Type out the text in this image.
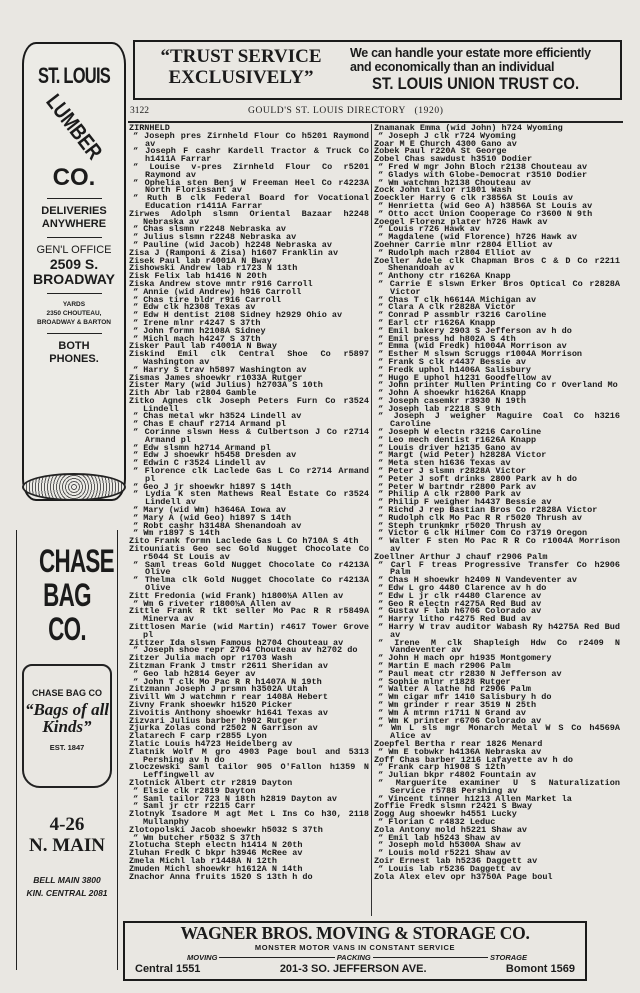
“TRUST SERVICE EXCLUSIVELY”
We can handle your estate more efficiently
and economically than an individual
ST. LOUIS UNION TRUST CO.
3122	GOULD'S ST. LOUIS DIRECTORY   (1920)
ZIRNHELD
“ Joseph pres Zirnheld Flour Co h5201 Raymond av
“ Joseph F cashr Kardell Tractor & Truck Co h1411A Farrar
“ Louise v-pres Zirnheld Flour Co r5201 Raymond av
“ Ophelia sten Benj W Freeman Heel Co r4223A North Florissant av
“ Ruth B clk Federal Board for Vocational Education r1411A Farrar
Zirwes Adolph slsmn Oriental Bazaar h2248 Nebraska av
“ Chas slsmn r2248 Nebraska av
“ Julius slsmn r2248 Nebraska av
“ Pauline (wid Jacob) h2248 Nebraska av
Zisa J (Ramponi & Zisa) h1607 Franklin av
Zisek Paul lab r4001A N Bway
Zishowski Andrew lab r1723 N 13th
Zisk Felix lab h1416 N 20th
Ziska Andrew stove mntr r916 Carroll
“ Annie (wid Andrew) h916 Carroll
“ Chas tire bldr r916 Carroll
“ Edw clk h2308 Texas av
“ Edw H dentist 2108 Sidney h2929 Ohio av
“ Irene mlnr r4247 S 37th
“ John formn h2108A Sidney
“ Michl mach h4247 S 37th
Zisker Paul lab r4001A N Bway
Ziskind Emil clk Central Shoe Co r5897 Washington av
“ Harry S trav h5897 Washington av
Zismas James shoewkr r1033A Rutger
Zister Mary (wid Julius) h2703A S 10th
Zith Abr lab r2804 Gamble
Zitko Agnes clk Joseph Peters Furn Co r3524 Lindell
“ Chas metal wkr h3524 Lindell av
“ Chas E chauf r2714 Armand pl
“ Corinne slswn Hess & Culbertson J Co r2714 Armand pl
“ Edw slsmn h2714 Armand pl
“ Edw J shoewkr h5458 Dresden av
“ Edwin C r3524 Lindell av
“ Florence clk Laclede Gas L Co r2714 Armand pl
“ Geo J jr shoewkr h1897 S 14th
“ Lydia K sten Mathews Real Estate Co r3524 Lindell av
“ Mary (wid Wm) h3646A Iowa av
“ Mary A (wid Geo) h1897 S 14th
“ Robt cashr h3148A Shenandoah av
“ Wm r1897 S 14th
Zito Frank formn Laclede Gas L Co h710A S 4th
Zitouniatis Geo sec Gold Nugget Chocolate Co r5044 St Louis av
“ Saml treas Gold Nugget Chocolate Co r4213A Olive
“ Thelma clk Gold Nugget Chocolate Co r4213A Olive
Zitt Fredonia (wid Frank) h1800½A Allen av
“ Wm G riveter r1800½A Allen av
Zittle Frank R tkt seller Mo Pac R R r5849A Minerva av
Zittlosen Marie (wid Martin) r4617 Tower Grove pl
Zittzer Ida slswn Famous h2704 Chouteau av
“ Joseph shoe repr 2704 Chouteau av h2702 do
Zitzer Julia mach opr r1703 Wash
Zitzman Frank J tmstr r2611 Sheridan av
“ Geo lab h2814 Geyer av
“ John T clk Mo Pac R R h1407A N 19th
Zitzmann Joseph J prsmn h3502A Utah
Zivill Wm J watchmn r rear 1408A Hebert
Zivny Frank shoewkr h1520 Picker
Zivoitis Anthony shoewkr h1641 Texas av
Zizvari Julius barber h902 Rutger
Zjurka Zolas cond r2502 N Garrison av
Zlatarech F carp r2855 Lyon
Zlatic Louis h4723 Heidelberg av
Zlatnik Wolf M gro 4903 Page boul and 5313 Pershing av h do
Zloczewski Saml tailor 905 O'Fallon h1359 N Leffingwell av
Zlotnick Albert ctr r2819 Dayton
“ Elsie clk r2819 Dayton
“ Saml tailor 723 N 18th h2819 Dayton av
“ Saml jr ctr r2215 Carr
Zlotnyk Isadore M agt Met L Ins Co h30, 2118 Mullanphy
Zlotopolski Jacob shoewkr h5032 S 37th
“ Wm butcher r5032 S 37th
Zlotucha Steph electn h1414 N 20th
Zluhan Fredk C bkpr h3946 McRee av
Zmela Michl lab r1448A N 12th
Zmuden Michl shoewkr h1612A N 14th
Znachor Anna fruits 1520 S 13th h do
Znamanak Emma (wid John) h724 Wyoming
“ Joseph J clk r724 Wyoming
Zoar M E Church 4300 Gano av
Zobek Paul r220A St George
Zobel Chas sawdust h3510 Dodier
“ Fred W mgr John Bloch r2138 Chouteau av
“ Gladys with Globe-Democrat r3510 Dodier
“ Wm watchmn h2138 Chouteau av
Zock John tailor r1801 Wash
Zoeckler Harry G clk r3856A St Louis av
“ Henrietta (wid Geo A) h3856A St Louis av
“ Otto acct Union Cooperage Co r3600 N 9th
Zoegel Florenz plater h726 Hawk av
“ Louis r726 Hawk av
“ Magdalene (wid Florence) h726 Hawk av
Zoehner Carrie mlnr r2804 Elliot av
“ Rudolph mach r2804 Elliot av
Zoeller Adele clk Chapman Bros C & D Co r2211 Shenandoah av
“ Anthony ctr r1626A Knapp
“ Carrie E slswn Erker Bros Optical Co r2828A Victor
“ Chas T clk h6614A Michigan av
“ Clara A clk r2828A Victor
“ Conrad P assmblr r3216 Caroline
“ Earl ctr r1626A Knapp
“ Emil bakery 2903 S Jefferson av h do
“ Emil press hd h802A S 4th
“ Emma (wid Fredk) h1004A Morrison av
“ Esther M slswn Scruggs r1004A Morrison
“ Frank S clk r4437 Bessie av
“ Fredk uphol h1406A Salisbury
“ Hugo E uphol h1231 Goodfellow av
“ John printer Mullen Printing Co r Overland Mo
“ John A shoewkr h1626A Knapp
“ Joseph casemkr r3930 N 19th
“ Joseph lab r2218 S 9th
“ Joseph J weigher Maguire Coal Co h3216 Caroline
“ Joseph W electn r3216 Caroline
“ Leo mech dentist r1626A Knapp
“ Louis driver h2135 Gano av
“ Margt (wid Peter) h2828A Victor
“ Meta sten h1636 Texas av
“ Peter J slsmn r2828A Victor
“ Peter J soft drinks 2800 Park av h do
“ Peter W bartndr r2800 Park av
“ Philip A clk r2800 Park av
“ Philip F weigher h4437 Bessie av
“ Richd J rep Bastian Bros Co r2828A Victor
“ Rudolph clk Mo Pac R R r5020 Thrush av
“ Steph trunkmkr r5020 Thrush av
“ Victor G clk Hilmer Com Co r3719 Oregon
“ Walter F sten Mo Pac R R Co r1004A Morrison av
Zoellner Arthur J chauf r2906 Palm
“ Carl F treas Progressive Transfer Co h2906 Palm
“ Chas H shoewkr h2409 N Vandeventer av
“ Edw L gro 4480 Clarence av h do
“ Edw L jr clk r4480 Clarence av
“ Geo R electn r4275A Red Bud av
“ Gustav F lab h6706 Colorado av
“ Harry litho r4275 Red Bud av
“ Harry W trav auditor Wabash Ry h4275A Red Bud av
“ Irene M clk Shapleigh Hdw Co r2409 N Vandeventer av
“ John H mach opr h1935 Montgomery
“ Martin E mach r2906 Palm
“ Paul meat ctr r2830 N Jefferson av
“ Sophie mlnr r1828 Rutger
“ Walter A lathe hd r2906 Palm
“ Wm cigar mfr 1410 Salisbury h do
“ Wm grinder r rear 3519 N 25th
“ Wm A mtrmn r1711 N Grand av
“ Wm K printer r6706 Colorado av
“ Wm L sls mgr Monarch Metal W S Co h4569A Alice av
Zoepfel Bertha r rear 1826 Menard
“ Wm E tobwkr h4136A Nebraska av
Zoff Chas barber 1216 Lafayette av h do
“ Frank carp h1908 S 12th
“ Julian bkpr r4802 Fountain av
“ Marguerite examiner U S Naturalization Service r5788 Pershing av
“ Vincent tinner h1213 Allen Market la
Zoffie Fredk slsmn r2421 S Bway
Zogg Aug shoewkr h4551 Lucky
“ Florian C r4832 Leduc
Zola Antony mold h5221 Shaw av
“ Emil lab h5243 Shaw av
“ Joseph mold h5300A Shaw av
“ Louis mold r5221 Shaw av
Zoir Ernest lab h5236 Daggett av
“ Louis lab r5236 Daggett av
Zola Alex elev opr h3750A Page boul
ST. LOUIS
LUMBER
CO.
DELIVERIES ANYWHERE
GEN'L OFFICE
2509 S. BROADWAY
YARDS
2350 CHOUTEAU,
BROADWAY & BARTON
BOTH PHONES.
CHASE BAG CO.
CHASE BAG CO
“Bags of all Kinds”
EST. 1847
4-26
N. MAIN
BELL MAIN 3800
KIN. CENTRAL 2081
WAGNER BROS. MOVING & STORAGE CO.
MONSTER MOTOR VANS IN CONSTANT SERVICE
MOVING	PACKING	STORAGE
Central 1551	201-3 SO. JEFFERSON AVE.	Bomont 1569
